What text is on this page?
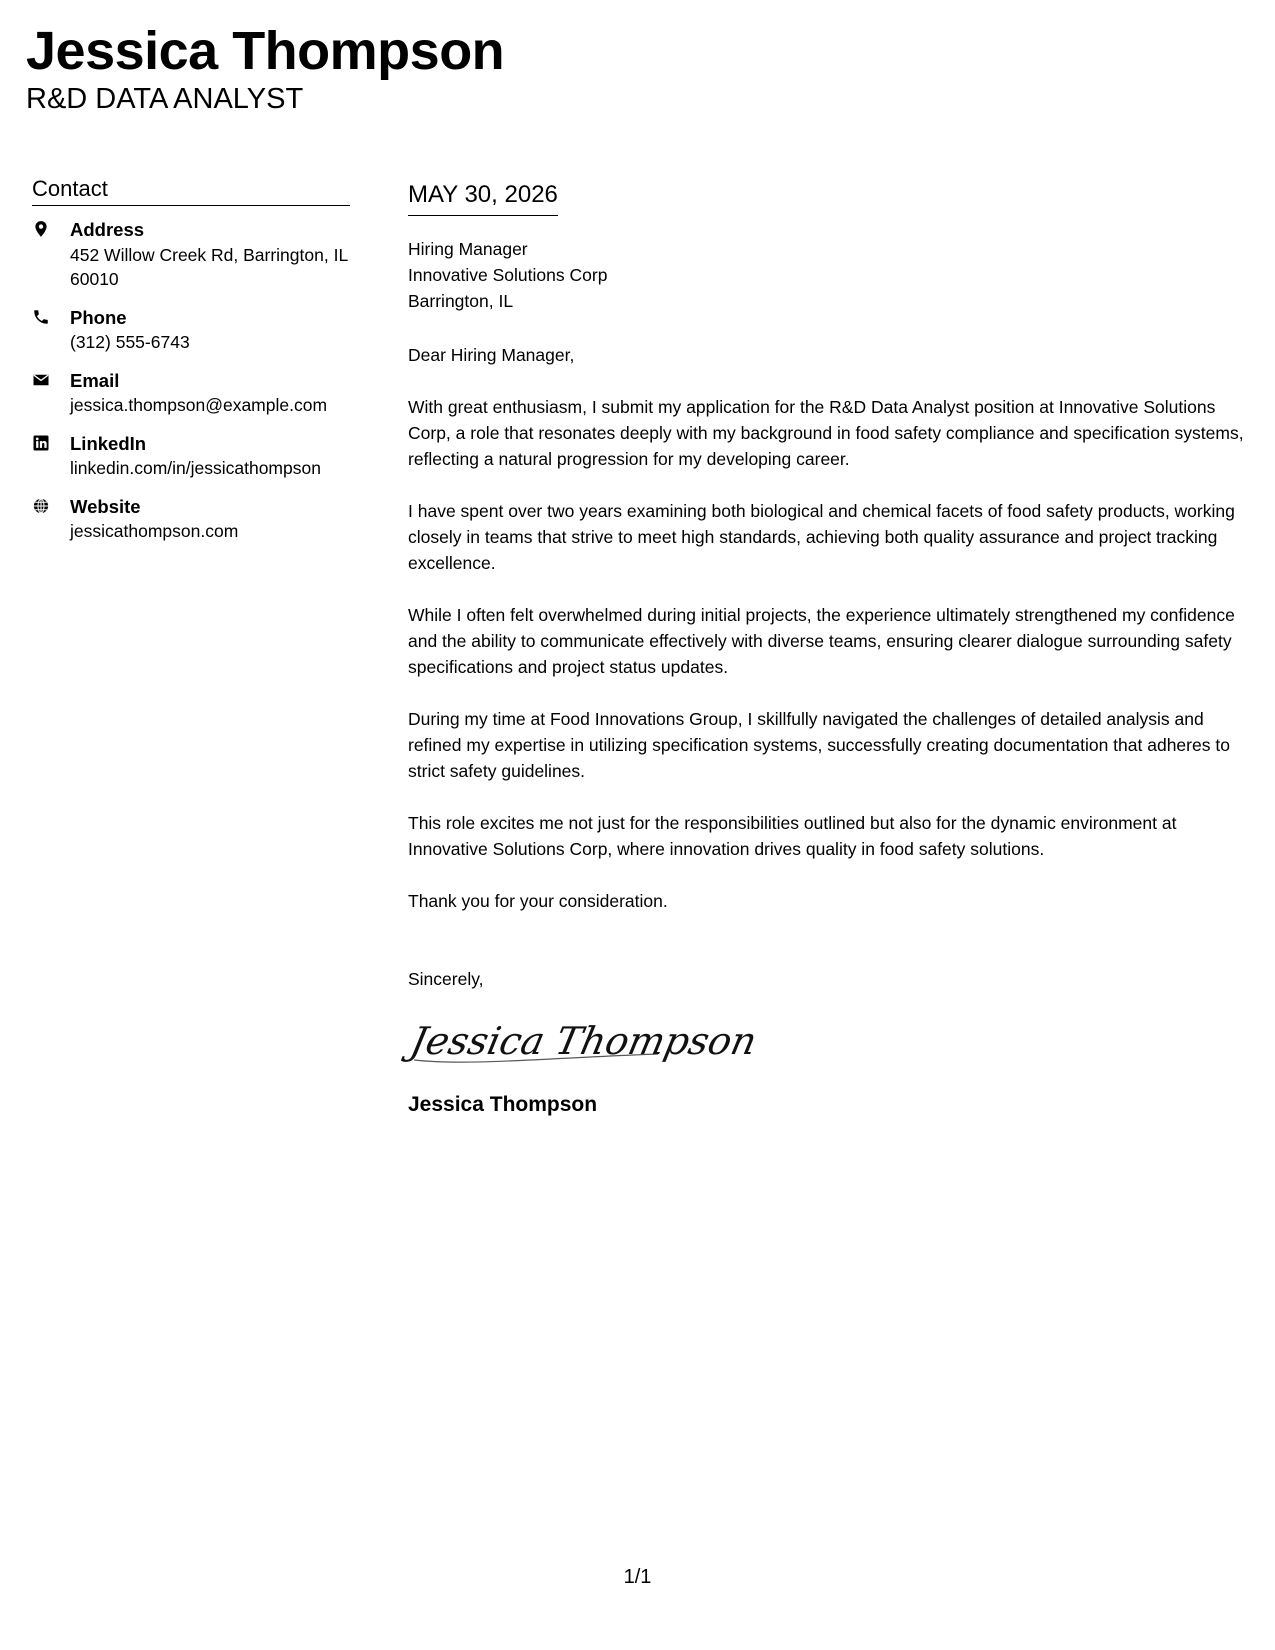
Jessica Thompson
R&D DATA ANALYST
Contact
Address
452 Willow Creek Rd, Barrington, IL 60010
Phone
(312) 555-6743
Email
jessica.thompson@example.com
LinkedIn
linkedin.com/in/jessicathompson
Website
jessicathompson.com
MAY 30, 2026
Hiring Manager
Innovative Solutions Corp
Barrington, IL
Dear Hiring Manager,

With great enthusiasm, I submit my application for the R&D Data Analyst position at Innovative Solutions Corp, a role that resonates deeply with my background in food safety compliance and specification systems, reflecting a natural progression for my developing career.

I have spent over two years examining both biological and chemical facets of food safety products, working closely in teams that strive to meet high standards, achieving both quality assurance and project tracking excellence.

While I often felt overwhelmed during initial projects, the experience ultimately strengthened my confidence and the ability to communicate effectively with diverse teams, ensuring clearer dialogue surrounding safety specifications and project status updates.

During my time at Food Innovations Group, I skillfully navigated the challenges of detailed analysis and refined my expertise in utilizing specification systems, successfully creating documentation that adheres to strict safety guidelines.

This role excites me not just for the responsibilities outlined but also for the dynamic environment at Innovative Solutions Corp, where innovation drives quality in food safety solutions.

Thank you for your consideration.

Sincerely,
Jessica Thompson
Jessica Thompson
1/1
